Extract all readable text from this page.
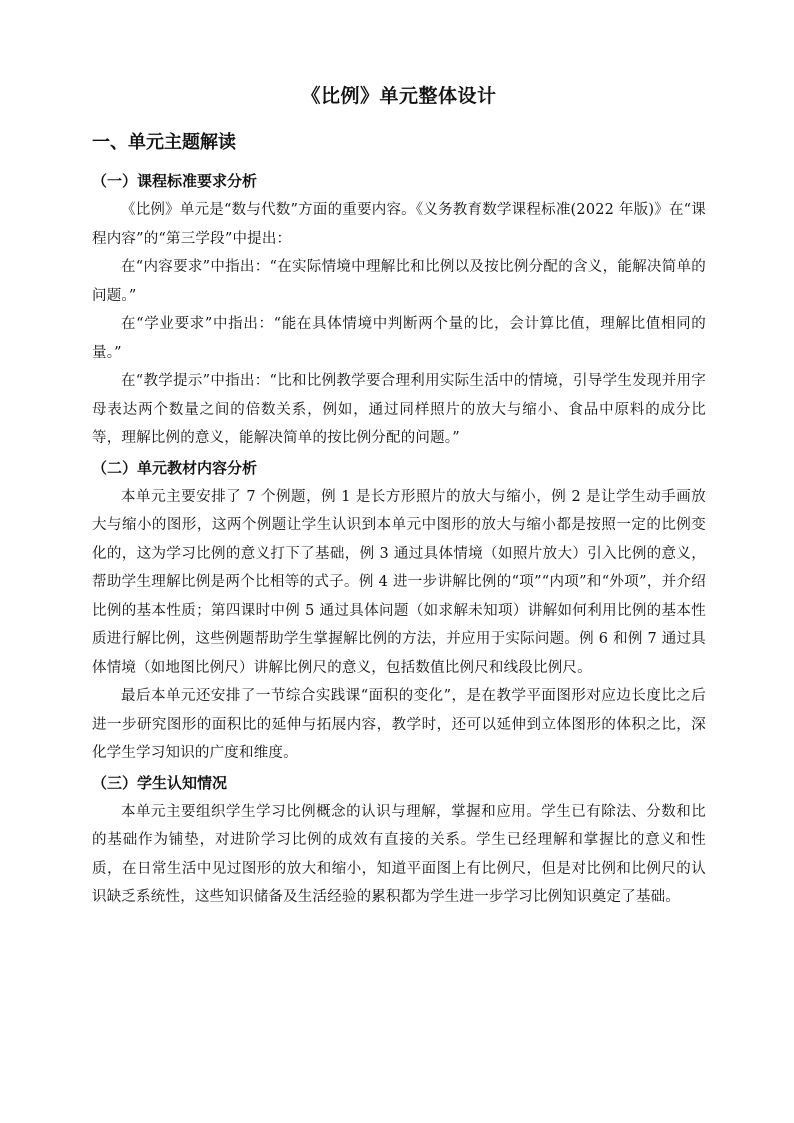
《比例》单元整体设计
一、单元主题解读
（一）课程标准要求分析

《比例》单元是“数与代数”方面的重要内容。《义务教育数学课程标准(2022 年版)》在“课程内容”的“第三学段”中提出：

在“内容要求”中指出：“在实际情境中理解比和比例以及按比例分配的含义，能解决简单的问题。”

在“学业要求”中指出：“能在具体情境中判断两个量的比，会计算比值，理解比值相同的量。”

在“教学提示”中指出：“比和比例教学要合理利用实际生活中的情境，引导学生发现并用字母表达两个数量之间的倍数关系，例如，通过同样照片的放大与缩小、食品中原料的成分比等，理解比例的意义，能解决简单的按比例分配的问题。”

（二）单元教材内容分析

本单元主要安排了 7 个例题，例 1 是长方形照片的放大与缩小，例 2 是让学生动手画放大与缩小的图形，这两个例题让学生认识到本单元中图形的放大与缩小都是按照一定的比例变化的，这为学习比例的意义打下了基础，例 3 通过具体情境（如照片放大）引入比例的意义，帮助学生理解比例是两个比相等的式子。例 4 进一步讲解比例的“项”“内项”和“外项”，并介绍比例的基本性质；第四课时中例 5 通过具体问题（如求解未知项）讲解如何利用比例的基本性质进行解比例，这些例题帮助学生掌握解比例的方法，并应用于实际问题。例 6 和例 7 通过具体情境（如地图比例尺）讲解比例尺的意义，包括数值比例尺和线段比例尺。

最后本单元还安排了一节综合实践课“面积的变化”，是在教学平面图形对应边长度比之后进一步研究图形的面积比的延伸与拓展内容，教学时，还可以延伸到立体图形的体积之比，深化学生学习知识的广度和维度。

（三）学生认知情况

本单元主要组织学生学习比例概念的认识与理解，掌握和应用。学生已有除法、分数和比的基础作为铺垫，对进阶学习比例的成效有直接的关系。学生已经理解和掌握比的意义和性质，在日常生活中见过图形的放大和缩小，知道平面图上有比例尺，但是对比例和比例尺的认识缺乏系统性，这些知识储备及生活经验的累积都为学生进一步学习比例知识奠定了基础。
